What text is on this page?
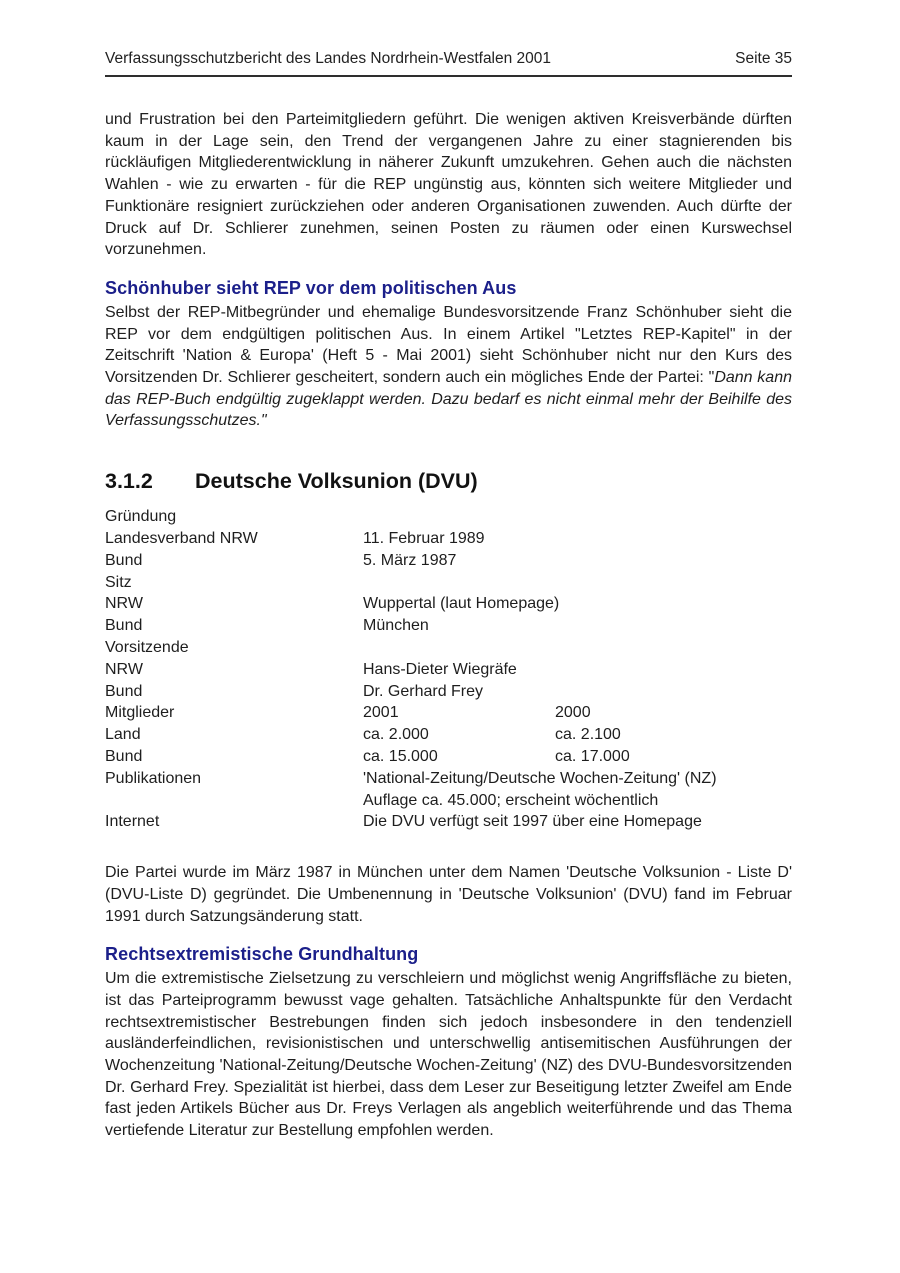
Verfassungsschutzbericht des Landes Nordrhein-Westfalen 2001	Seite 35

und Frustration bei den Parteimitgliedern geführt. Die wenigen aktiven Kreisverbände dürften kaum in der Lage sein, den Trend der vergangenen Jahre zu einer stagnierenden bis rückläufigen Mitgliederentwicklung in näherer Zukunft umzukehren. Gehen auch die nächsten Wahlen - wie zu erwarten - für die REP ungünstig aus, könnten sich weitere Mitglieder und Funktionäre resigniert zurückziehen oder anderen Organisationen zuwenden. Auch dürfte der Druck auf Dr. Schlierer zunehmen, seinen Posten zu räumen oder einen Kurswechsel vorzunehmen.

Schönhuber sieht REP vor dem politischen Aus

Selbst der REP-Mitbegründer und ehemalige Bundesvorsitzende Franz Schönhuber sieht die REP vor dem endgültigen politischen Aus. In einem Artikel "Letztes REP-Kapitel" in der Zeitschrift 'Nation & Europa' (Heft 5 - Mai 2001) sieht Schönhuber nicht nur den Kurs des Vorsitzenden Dr. Schlierer gescheitert, sondern auch ein mögliches Ende der Partei: "Dann kann das REP-Buch endgültig zugeklappt werden. Dazu bedarf es nicht einmal mehr der Beihilfe des Verfassungsschutzes."

3.1.2	Deutsche Volksunion (DVU)
Gründung
Landesverband NRW	11. Februar 1989
Bund	5. März 1987
Sitz
NRW	Wuppertal (laut Homepage)
Bund	München
Vorsitzende
NRW	Hans-Dieter Wiegräfe
Bund	Dr. Gerhard Frey
Mitglieder	2001	2000
Land	ca. 2.000	ca. 2.100
Bund	ca. 15.000	ca. 17.000
Publikationen	'National-Zeitung/Deutsche Wochen-Zeitung' (NZ)
Auflage ca. 45.000; erscheint wöchentlich
Internet	Die DVU verfügt seit 1997 über eine Homepage

Die Partei wurde im März 1987 in München unter dem Namen 'Deutsche Volksunion - Liste D' (DVU-Liste D) gegründet. Die Umbenennung in 'Deutsche Volksunion' (DVU) fand im Februar 1991 durch Satzungsänderung statt.

Rechtsextremistische Grundhaltung

Um die extremistische Zielsetzung zu verschleiern und möglichst wenig Angriffsfläche zu bieten, ist das Parteiprogramm bewusst vage gehalten. Tatsächliche Anhaltspunkte für den Verdacht rechtsextremistischer Bestrebungen finden sich jedoch insbesondere in den tendenziell ausländerfeindlichen, revisionistischen und unterschwellig antisemitischen Ausführungen der Wochenzeitung 'National-Zeitung/Deutsche Wochen-Zeitung' (NZ) des DVU-Bundesvorsitzenden Dr. Gerhard Frey. Spezialität ist hierbei, dass dem Leser zur Beseitigung letzter Zweifel am Ende fast jeden Artikels Bücher aus Dr. Freys Verlagen als angeblich weiterführende und das Thema vertiefende Literatur zur Bestellung empfohlen werden.
